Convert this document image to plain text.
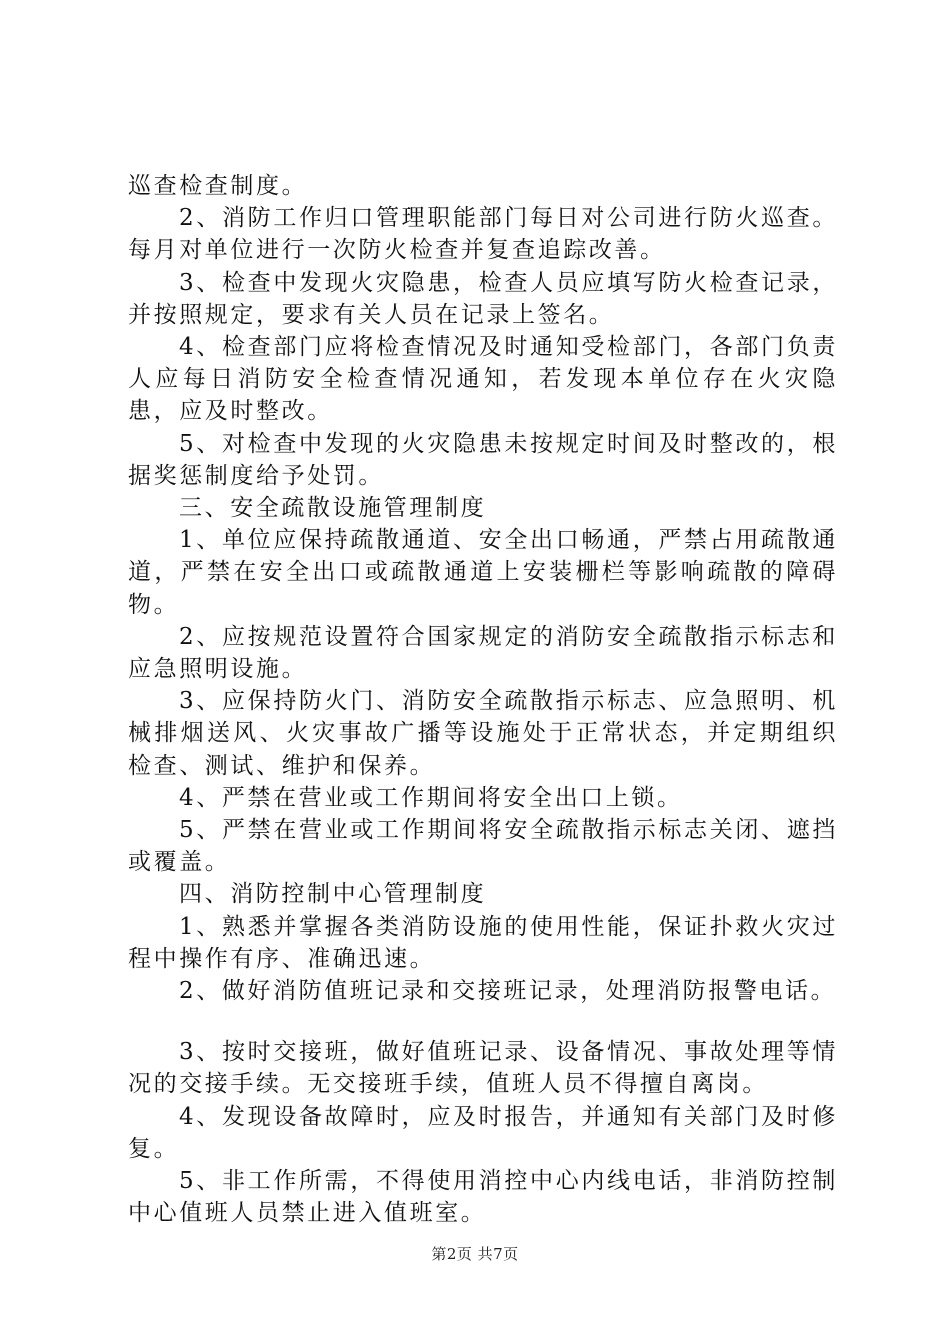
巡查检查制度。

2、消防工作归口管理职能部门每日对公司进行防火巡查。每月对单位进行一次防火检查并复查追踪改善。

3、检查中发现火灾隐患，检查人员应填写防火检查记录，并按照规定，要求有关人员在记录上签名。

4、检查部门应将检查情况及时通知受检部门，各部门负责人应每日消防安全检查情况通知，若发现本单位存在火灾隐患，应及时整改。

5、对检查中发现的火灾隐患未按规定时间及时整改的，根据奖惩制度给予处罚。

三、安全疏散设施管理制度

1、单位应保持疏散通道、安全出口畅通，严禁占用疏散通道，严禁在安全出口或疏散通道上安装栅栏等影响疏散的障碍物。

2、应按规范设置符合国家规定的消防安全疏散指示标志和应急照明设施。

3、应保持防火门、消防安全疏散指示标志、应急照明、机械排烟送风、火灾事故广播等设施处于正常状态，并定期组织检查、测试、维护和保养。

4、严禁在营业或工作期间将安全出口上锁。

5、严禁在营业或工作期间将安全疏散指示标志关闭、遮挡或覆盖。

四、消防控制中心管理制度

1、熟悉并掌握各类消防设施的使用性能，保证扑救火灾过程中操作有序、准确迅速。

2、做好消防值班记录和交接班记录，处理消防报警电话。

3、按时交接班，做好值班记录、设备情况、事故处理等情况的交接手续。无交接班手续，值班人员不得擅自离岗。

4、发现设备故障时，应及时报告，并通知有关部门及时修复。

5、非工作所需，不得使用消控中心内线电话，非消防控制中心值班人员禁止进入值班室。

第2页 共7页
